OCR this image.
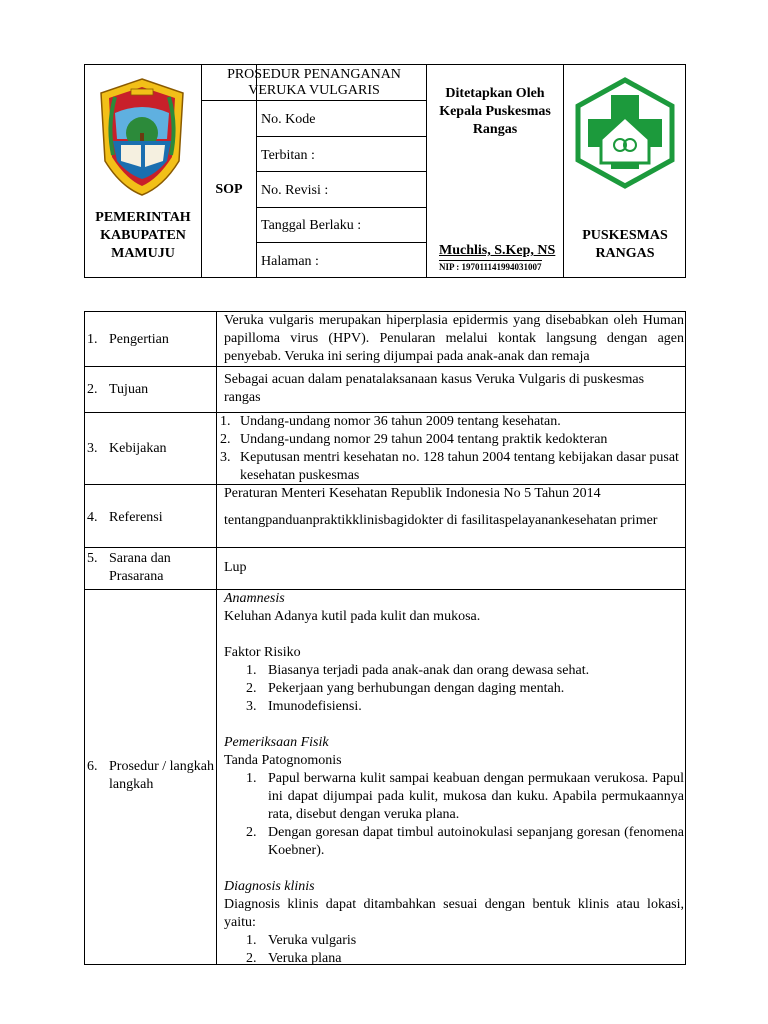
PEMERINTAH KABUPATEN MAMUJU
PROSEDUR PENANGANAN VERUKA VULGARIS
SOP
No. Kode
Terbitan :
No. Revisi :
Tanggal Berlaku :
Halaman :
Ditetapkan Oleh Kepala Puskesmas Rangas
Muchlis, S.Kep, NS
NIP : 197011141994031007
PUSKESMAS RANGAS
1. Pengertian
Veruka vulgaris merupakan hiperplasia epidermis yang disebabkan oleh Human papilloma virus (HPV). Penularan melalui kontak langsung dengan agen penyebab. Veruka ini sering dijumpai pada anak-anak dan remaja
2. Tujuan
Sebagai acuan dalam penatalaksanaan kasus Veruka Vulgaris di puskesmas rangas
3. Kebijakan
1. Undang-undang nomor 36 tahun 2009 tentang kesehatan.
2. Undang-undang nomor 29 tahun 2004 tentang praktik kedokteran
3. Keputusan mentri kesehatan no. 128 tahun 2004 tentang kebijakan dasar pusat kesehatan puskesmas
4. Referensi
Peraturan Menteri Kesehatan Republik Indonesia No 5 Tahun 2014
tentangpanduanpraktikklinisbagidokter di fasilitaspelayanankesehatan primer
5. Sarana dan Prasarana
Lup
6. Prosedur / langkah langkah
Anamnesis
Keluhan Adanya kutil pada kulit dan mukosa.
Faktor Risiko
1. Biasanya terjadi pada anak-anak dan orang dewasa sehat.
2. Pekerjaan yang berhubungan dengan daging mentah.
3. Imunodefisiensi.
Pemeriksaan Fisik
Tanda Patognomonis
1. Papul berwarna kulit sampai keabuan dengan permukaan verukosa. Papul ini dapat dijumpai pada kulit, mukosa dan kuku. Apabila permukaannya rata, disebut dengan veruka plana.
2. Dengan goresan dapat timbul autoinokulasi sepanjang goresan (fenomena Koebner).
Diagnosis klinis
Diagnosis klinis dapat ditambahkan sesuai dengan bentuk klinis atau lokasi, yaitu:
1. Veruka vulgaris
2. Veruka plana
